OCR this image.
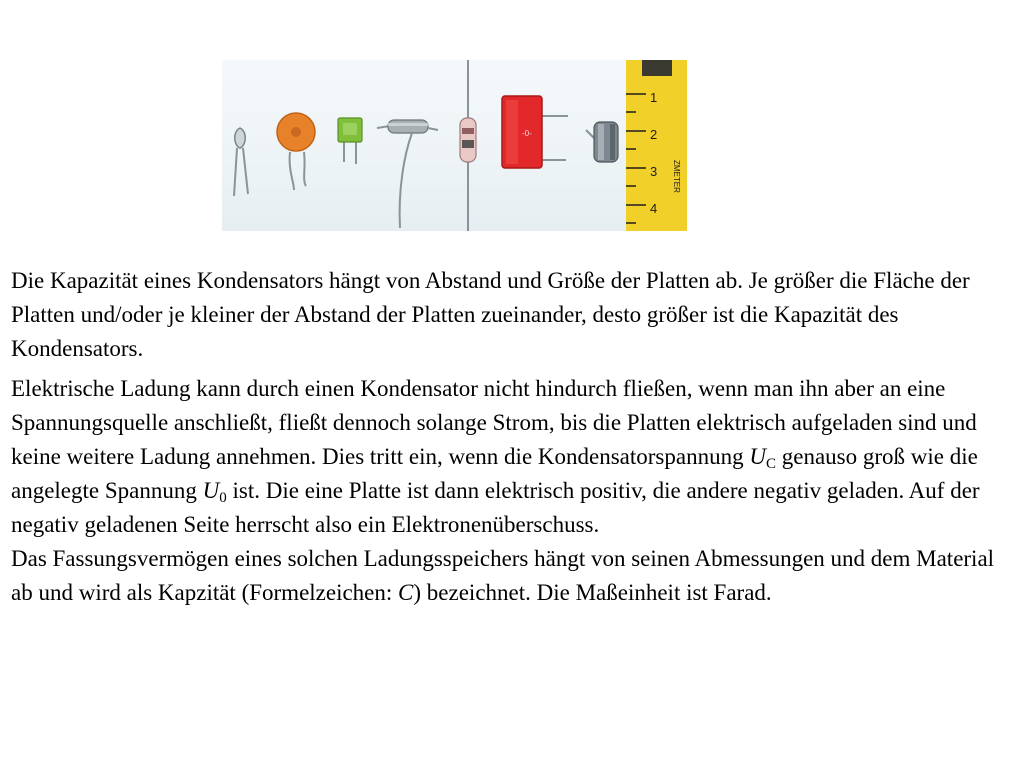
-0-
1
2
3
4
ZMETER

Die Kapazität eines Kondensators hängt von Abstand und Größe der Platten ab. Je größer die Fläche der Platten und/oder je kleiner der Abstand der Platten zueinander, desto größer ist die Kapazität des Kondensators.

Elektrische Ladung kann durch einen Kondensator nicht hindurch fließen, wenn man ihn aber an eine Spannungsquelle anschließt, fließt dennoch solange Strom, bis die Platten elektrisch aufgeladen sind und keine weitere Ladung annehmen. Dies tritt ein, wenn die Kondensatorspannung UC genauso groß wie die angelegte Spannung U0 ist. Die eine Platte ist dann elektrisch positiv, die andere negativ geladen. Auf der negativ geladenen Seite herrscht also ein Elektronenüberschuss.
Das Fassungsvermögen eines solchen Ladungsspeichers hängt von seinen Abmessungen und dem Material ab und wird als Kapzität (Formelzeichen: C) bezeichnet. Die Maßeinheit ist Farad.
